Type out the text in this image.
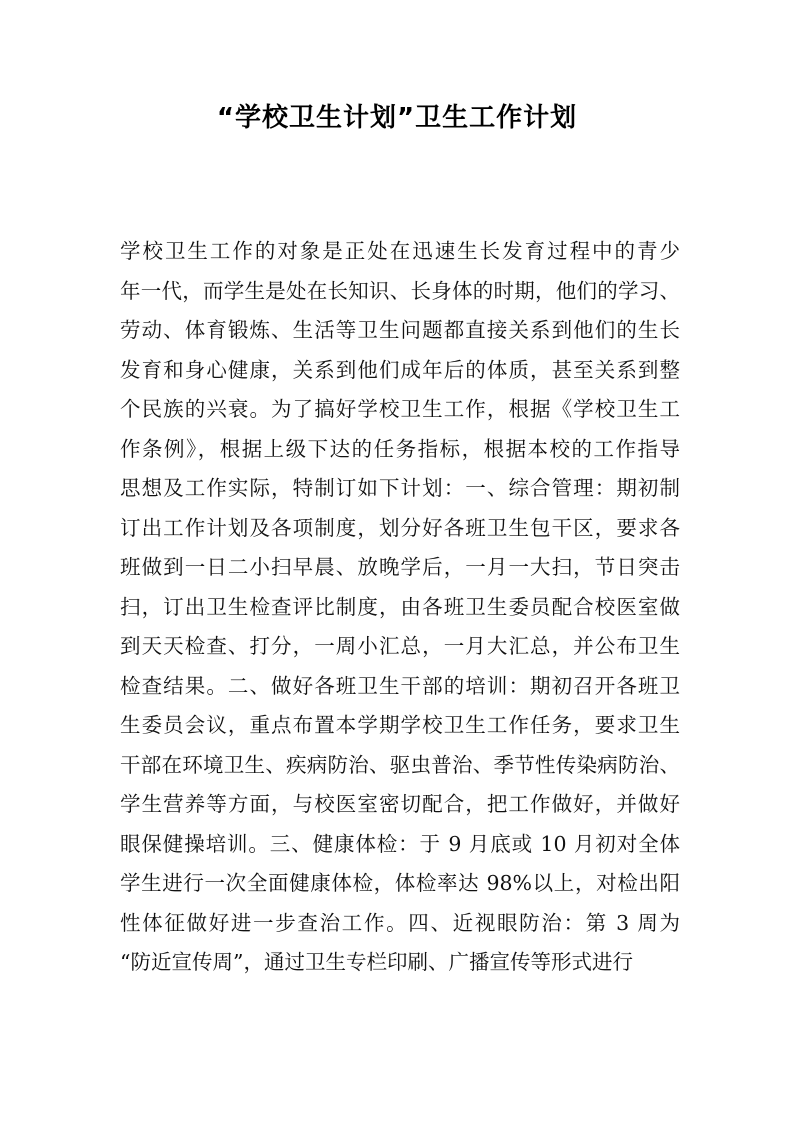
“学校卫生计划”卫生工作计划
学校卫生工作的对象是正处在迅速生长发育过程中的青少
年一代，而学生是处在长知识、长身体的时期，他们的学习、
劳动、体育锻炼、生活等卫生问题都直接关系到他们的生长
发育和身心健康，关系到他们成年后的体质，甚至关系到整
个民族的兴衰。为了搞好学校卫生工作，根据《学校卫生工
作条例》，根据上级下达的任务指标，根据本校的工作指导
思想及工作实际，特制订如下计划：一、综合管理：期初制
订出工作计划及各项制度，划分好各班卫生包干区，要求各
班做到一日二小扫早晨、放晚学后，一月一大扫，节日突击
扫，订出卫生检查评比制度，由各班卫生委员配合校医室做
到天天检查、打分，一周小汇总，一月大汇总，并公布卫生
检查结果。二、做好各班卫生干部的培训：期初召开各班卫
生委员会议，重点布置本学期学校卫生工作任务，要求卫生
干部在环境卫生、疾病防治、驱虫普治、季节性传染病防治、
学生营养等方面，与校医室密切配合，把工作做好，并做好
眼保健操培训。三、健康体检：于 9 月底或 10 月初对全体
学生进行一次全面健康体检，体检率达 98%以上，对检出阳
性体征做好进一步查治工作。四、近视眼防治：第 3 周为
“防近宣传周”，通过卫生专栏印刷、广播宣传等形式进行
